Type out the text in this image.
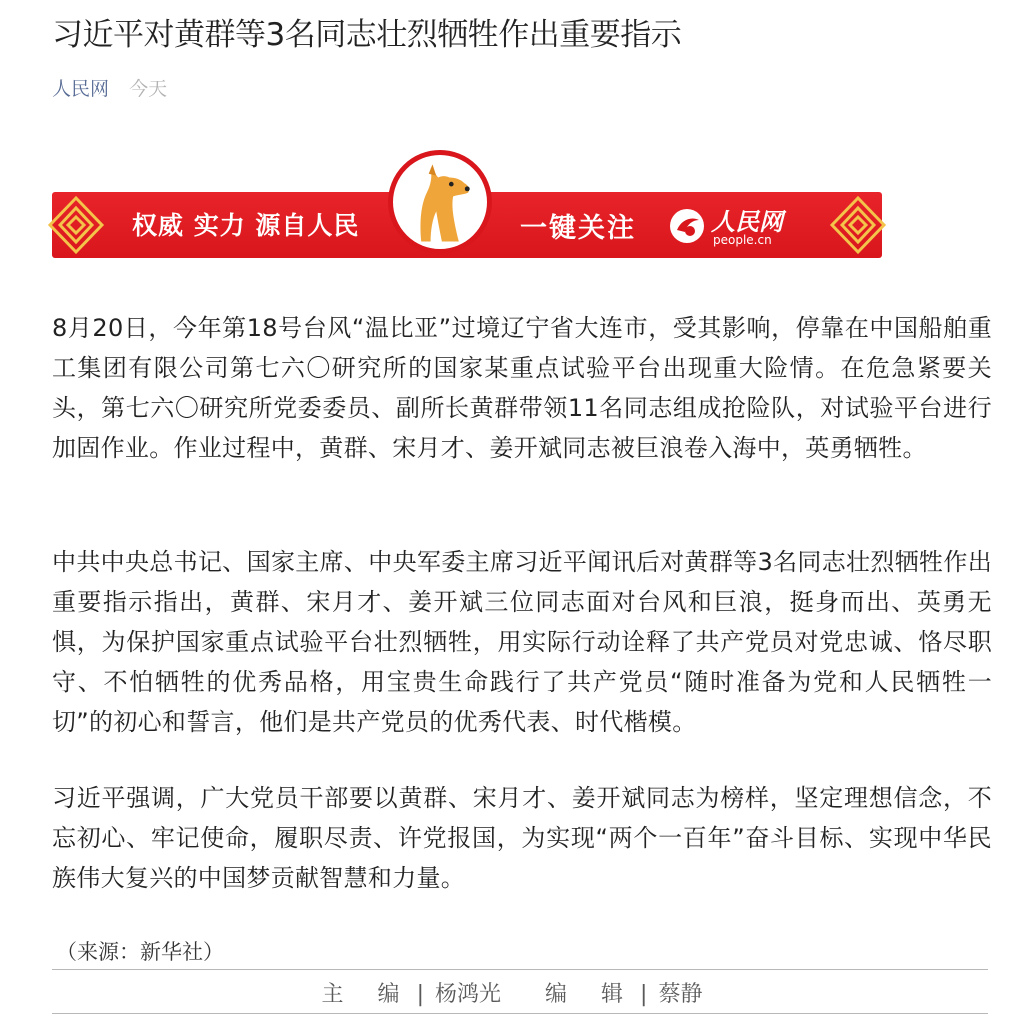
习近平对黄群等3名同志壮烈牺牲作出重要指示
人民网 今天
权威 实力 源自人民	一键关注	人民网
people.cn
8月20日，今年第18号台风“温比亚”过境辽宁省大连市，受其影响，停靠在中国船舶重工集团有限公司第七六〇研究所的国家某重点试验平台出现重大险情。在危急紧要关头，第七六〇研究所党委委员、副所长黄群带领11名同志组成抢险队，对试验平台进行加固作业。作业过程中，黄群、宋月才、姜开斌同志被巨浪卷入海中，英勇牺牲。
中共中央总书记、国家主席、中央军委主席习近平闻讯后对黄群等3名同志壮烈牺牲作出重要指示指出，黄群、宋月才、姜开斌三位同志面对台风和巨浪，挺身而出、英勇无惧，为保护国家重点试验平台壮烈牺牲，用实际行动诠释了共产党员对党忠诚、恪尽职守、不怕牺牲的优秀品格，用宝贵生命践行了共产党员“随时准备为党和人民牺牲一切”的初心和誓言，他们是共产党员的优秀代表、时代楷模。
习近平强调，广大党员干部要以黄群、宋月才、姜开斌同志为榜样，坚定理想信念，不忘初心、牢记使命，履职尽责、许党报国，为实现“两个一百年”奋斗目标、实现中华民族伟大复兴的中国梦贡献智慧和力量。
（来源：新华社）
主　编 | 杨鸿光 编　辑 | 蔡静
